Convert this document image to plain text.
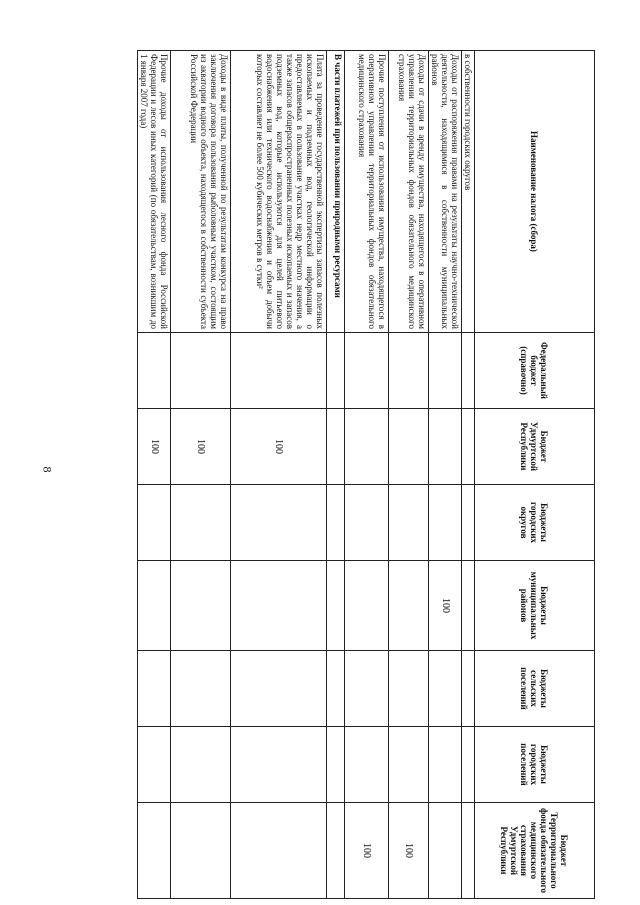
8
Наименование налога (сбора)	Федеральный бюджет (справочно)	Бюджет Удмуртской Республики	Бюджеты городских округов	Бюджеты муниципальных районов	Бюджеты сельских поселений	Бюджеты городских поселений	Бюджет Территориального фонда обязательного медицинского страхования Удмуртской Республики
в собственности городских округов							
Доходы от распоряжения правами на результаты научно-технической деятельности, находящимися в собственности муниципальных районов				100			
Доходы от сдачи в аренду имущества, находящегося в оперативном управлении территориальных фондов обязательного медицинского страхования							100
Прочие поступления от использования имущества, находящегося в оперативном управлении территориальных фондов обязательного медицинского страхования							100
В части платежей при пользовании природными ресурсами							
Плата за проведение государственной экспертизы запасов полезных ископаемых и подземных вод, геологической информации о предоставляемых в пользование участках недр местного значения, а также запасов общераспространенных полезных ископаемых и запасов подземных вод, которые используются для целей питьевого водоснабжения или технического водоснабжения и объем добычи которых составляет не более 500 кубических метров в сутки²		100					
Доходы в виде платы, полученной по результатам конкурса на право заключения договора пользования рыболовным участком, состоящим из акватории водного объекта, находящегося в собственности субъекта Российской Федерации		100					
Прочие доходы от использования лесного фонда Российской Федерации и лесов иных категорий (по обязательствам, возникшим до 1 января 2007 года)		100					
